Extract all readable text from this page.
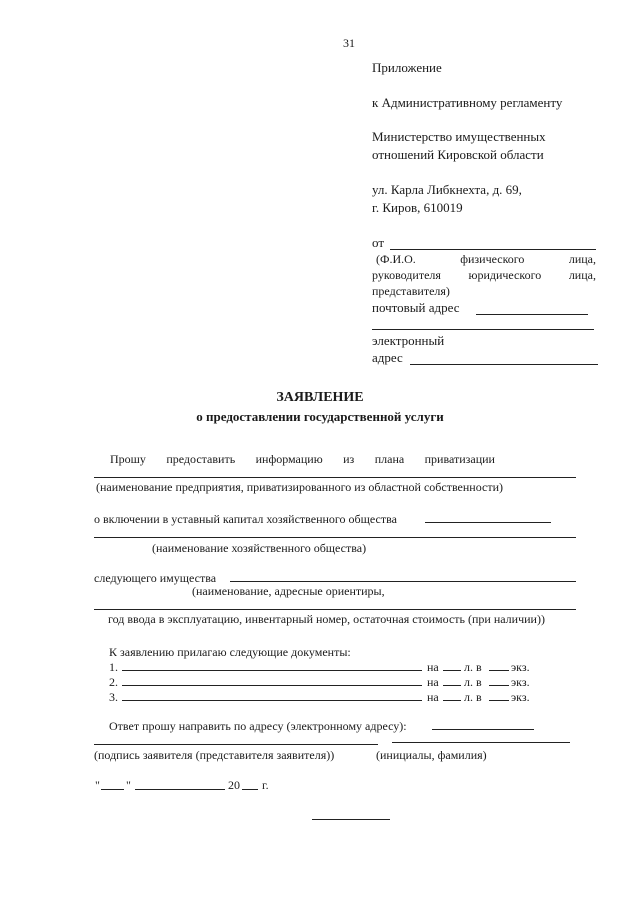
31
Приложение
к Административному регламенту
Министерство имущественных
отношений Кировской области
ул. Карла Либкнехта, д. 69,
г. Киров, 610019
от
(Ф.И.О.	физического	лица,
руководителя юридического лица,
представителя)
почтовый адрес
электронный
адрес
ЗАЯВЛЕНИЕ
о предоставлении государственной услуги
Прошу предоставить информацию из плана приватизации
(наименование предприятия, приватизированного из областной собственности)
о включении в уставный капитал хозяйственного общества
(наименование хозяйственного общества)
следующего имущества
(наименование, адресные ориентиры,
год ввода в эксплуатацию, инвентарный номер, остаточная стоимость (при наличии))
К заявлению прилагаю следующие документы:
1.	на л. в экз.
2.	на л. в экз.
3.	на л. в экз.
Ответ прошу направить по адресу (электронному адресу):
(подпись заявителя (представителя заявителя))	(инициалы, фамилия)
" "	20 г.
